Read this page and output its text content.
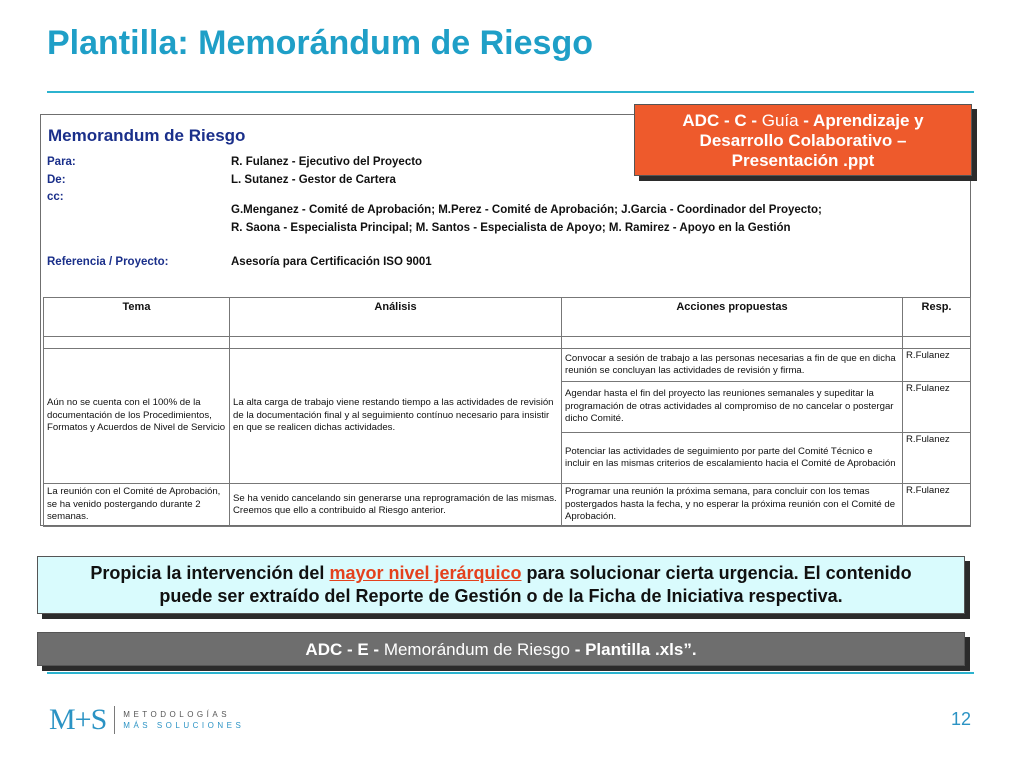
Plantilla: Memorándum de Riesgo
Memorandum de Riesgo
Para:	R. Fulanez - Ejecutivo del Proyecto
De:	L. Sutanez - Gestor de Cartera
cc:
G.Menganez - Comité de Aprobación; M.Perez - Comité de Aprobación; J.Garcia - Coordinador del Proyecto;
R. Saona - Especialista Principal; M. Santos - Especialista de Apoyo; M. Ramirez - Apoyo en la Gestión
Referencia / Proyecto:	Asesoría para Certificación ISO 9001
Tema	Análisis	Acciones propuestas	Resp.

Aún no se cuenta con el 100% de la documentación de los Procedimientos, Formatos y Acuerdos de Nivel de Servicio	La alta carga de trabajo viene restando tiempo a las actividades de revisión de la documentación final y al seguimiento contínuo necesario para insistir en que se realicen dichas actividades.	Convocar a sesión de trabajo a las personas necesarias a fin de que en dicha reunión se concluyan las actividades de revisión y firma.	R.Fulanez
		Agendar hasta el fin del proyecto las reuniones semanales y supeditar la programación de otras actividades al compromiso de no cancelar o postergar dicho Comité.	R.Fulanez
		Potenciar las actividades de seguimiento por parte del Comité Técnico e incluir en las mismas criterios de escalamiento hacia el Comité de Aprobación	R.Fulanez
La reunión con el Comité de Aprobación, se ha venido postergando durante 2 semanas.	Se ha venido cancelando sin generarse una reprogramación de las mismas. Creemos que ello a contribuido al Riesgo anterior.	Programar una reunión la próxima semana, para concluir con los temas postergados hasta la fecha, y no esperar la próxima reunión con el Comité de Aprobación.	R.Fulanez
ADC - C - Guía - Aprendizaje y
Desarrollo Colaborativo –
Presentación .ppt
Propicia la intervención del mayor nivel jerárquico para solucionar cierta urgencia. El contenido
puede ser extraído del Reporte de Gestión o de la Ficha de Iniciativa respectiva.
ADC - E - Memorándum de Riesgo - Plantilla .xls”.
M+S METODOLOGÍAS
MÁS SOLUCIONES	12
